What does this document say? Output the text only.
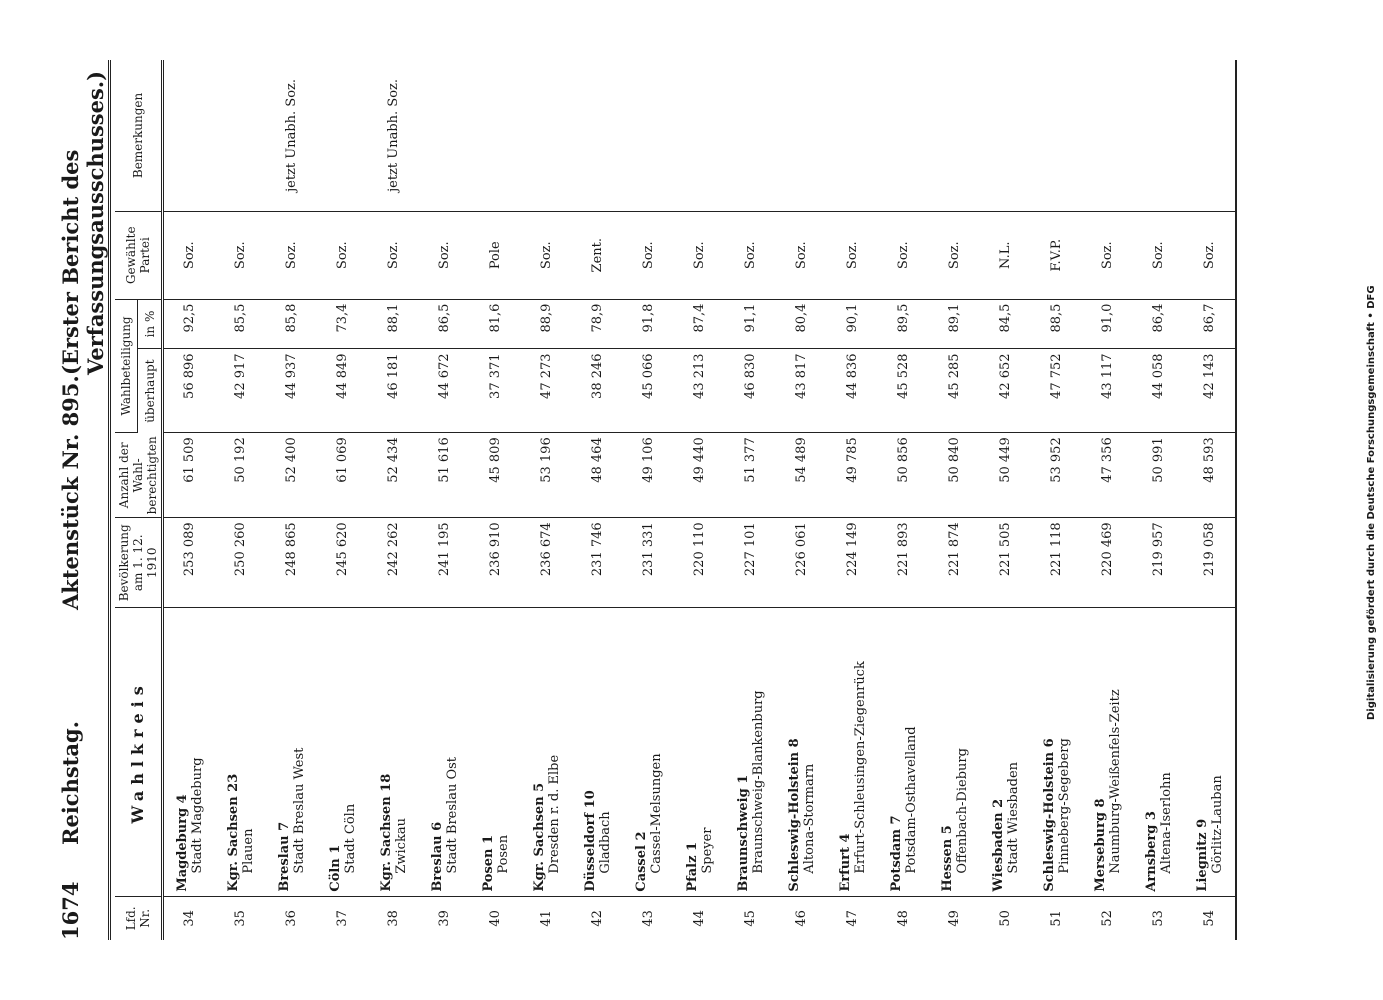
1674
Reichstag.
Aktenstück Nr. 895.
(Erster Bericht des Verfassungsausschusses.)
Lfd. Nr.	Wahlkreis	Bevölkerung am 1. 12. 1910	Anzahl der Wahl-berechtigten	Wahlbeteiligung		Gewählte Partei	Bemerkungen
				überhaupt	in %		
34	Magdeburg 4 Stadt Magdeburg	253 089	61 509	56 896	92,5	Soz.	
35	Kgr. Sachsen 23 Plauen	250 260	50 192	42 917	85,5	Soz.	
36	Breslau 7 Stadt Breslau West	248 865	52 400	44 937	85,8	Soz.	jetzt Unabh. Soz.
37	Cöln 1 Stadt Cöln	245 620	61 069	44 849	73,4	Soz.	
38	Kgr. Sachsen 18 Zwickau	242 262	52 434	46 181	88,1	Soz.	jetzt Unabh. Soz.
39	Breslau 6 Stadt Breslau Ost	241 195	51 616	44 672	86,5	Soz.	
40	Posen 1 Posen	236 910	45 809	37 371	81,6	Pole	
41	Kgr. Sachsen 5 Dresden r. d. Elbe	236 674	53 196	47 273	88,9	Soz.	
42	Düsseldorf 10 Gladbach	231 746	48 464	38 246	78,9	Zent.	
43	Cassel 2 Cassel-Melsungen	231 331	49 106	45 066	91,8	Soz.	
44	Pfalz 1 Speyer	220 110	49 440	43 213	87,4	Soz.	
45	Braunschweig 1 Braunschweig-Blankenburg	227 101	51 377	46 830	91,1	Soz.	
46	Schleswig-Holstein 8 Altona-Stormarn	226 061	54 489	43 817	80,4	Soz.	
47	Erfurt 4 Erfurt-Schleusingen-Ziegenrück	224 149	49 785	44 836	90,1	Soz.	
48	Potsdam 7 Potsdam-Osthavelland	221 893	50 856	45 528	89,5	Soz.	
49	Hessen 5 Offenbach-Dieburg	221 874	50 840	45 285	89,1	Soz.	
50	Wiesbaden 2 Stadt Wiesbaden	221 505	50 449	42 652	84,5	N.L.	
51	Schleswig-Holstein 6 Pinneberg-Segeberg	221 118	53 952	47 752	88,5	F.V.P.	
52	Merseburg 8 Naumburg-Weißenfels-Zeitz	220 469	47 356	43 117	91,0	Soz.	
53	Arnsberg 3 Altena-Iserlohn	219 957	50 991	44 058	86,4	Soz.	
54	Liegnitz 9 Görlitz-Lauban	219 058	48 593	42 143	86,7	Soz.	
Digitalisierung gefördert durch die Deutsche Forschungsgemeinschaft • DFG
